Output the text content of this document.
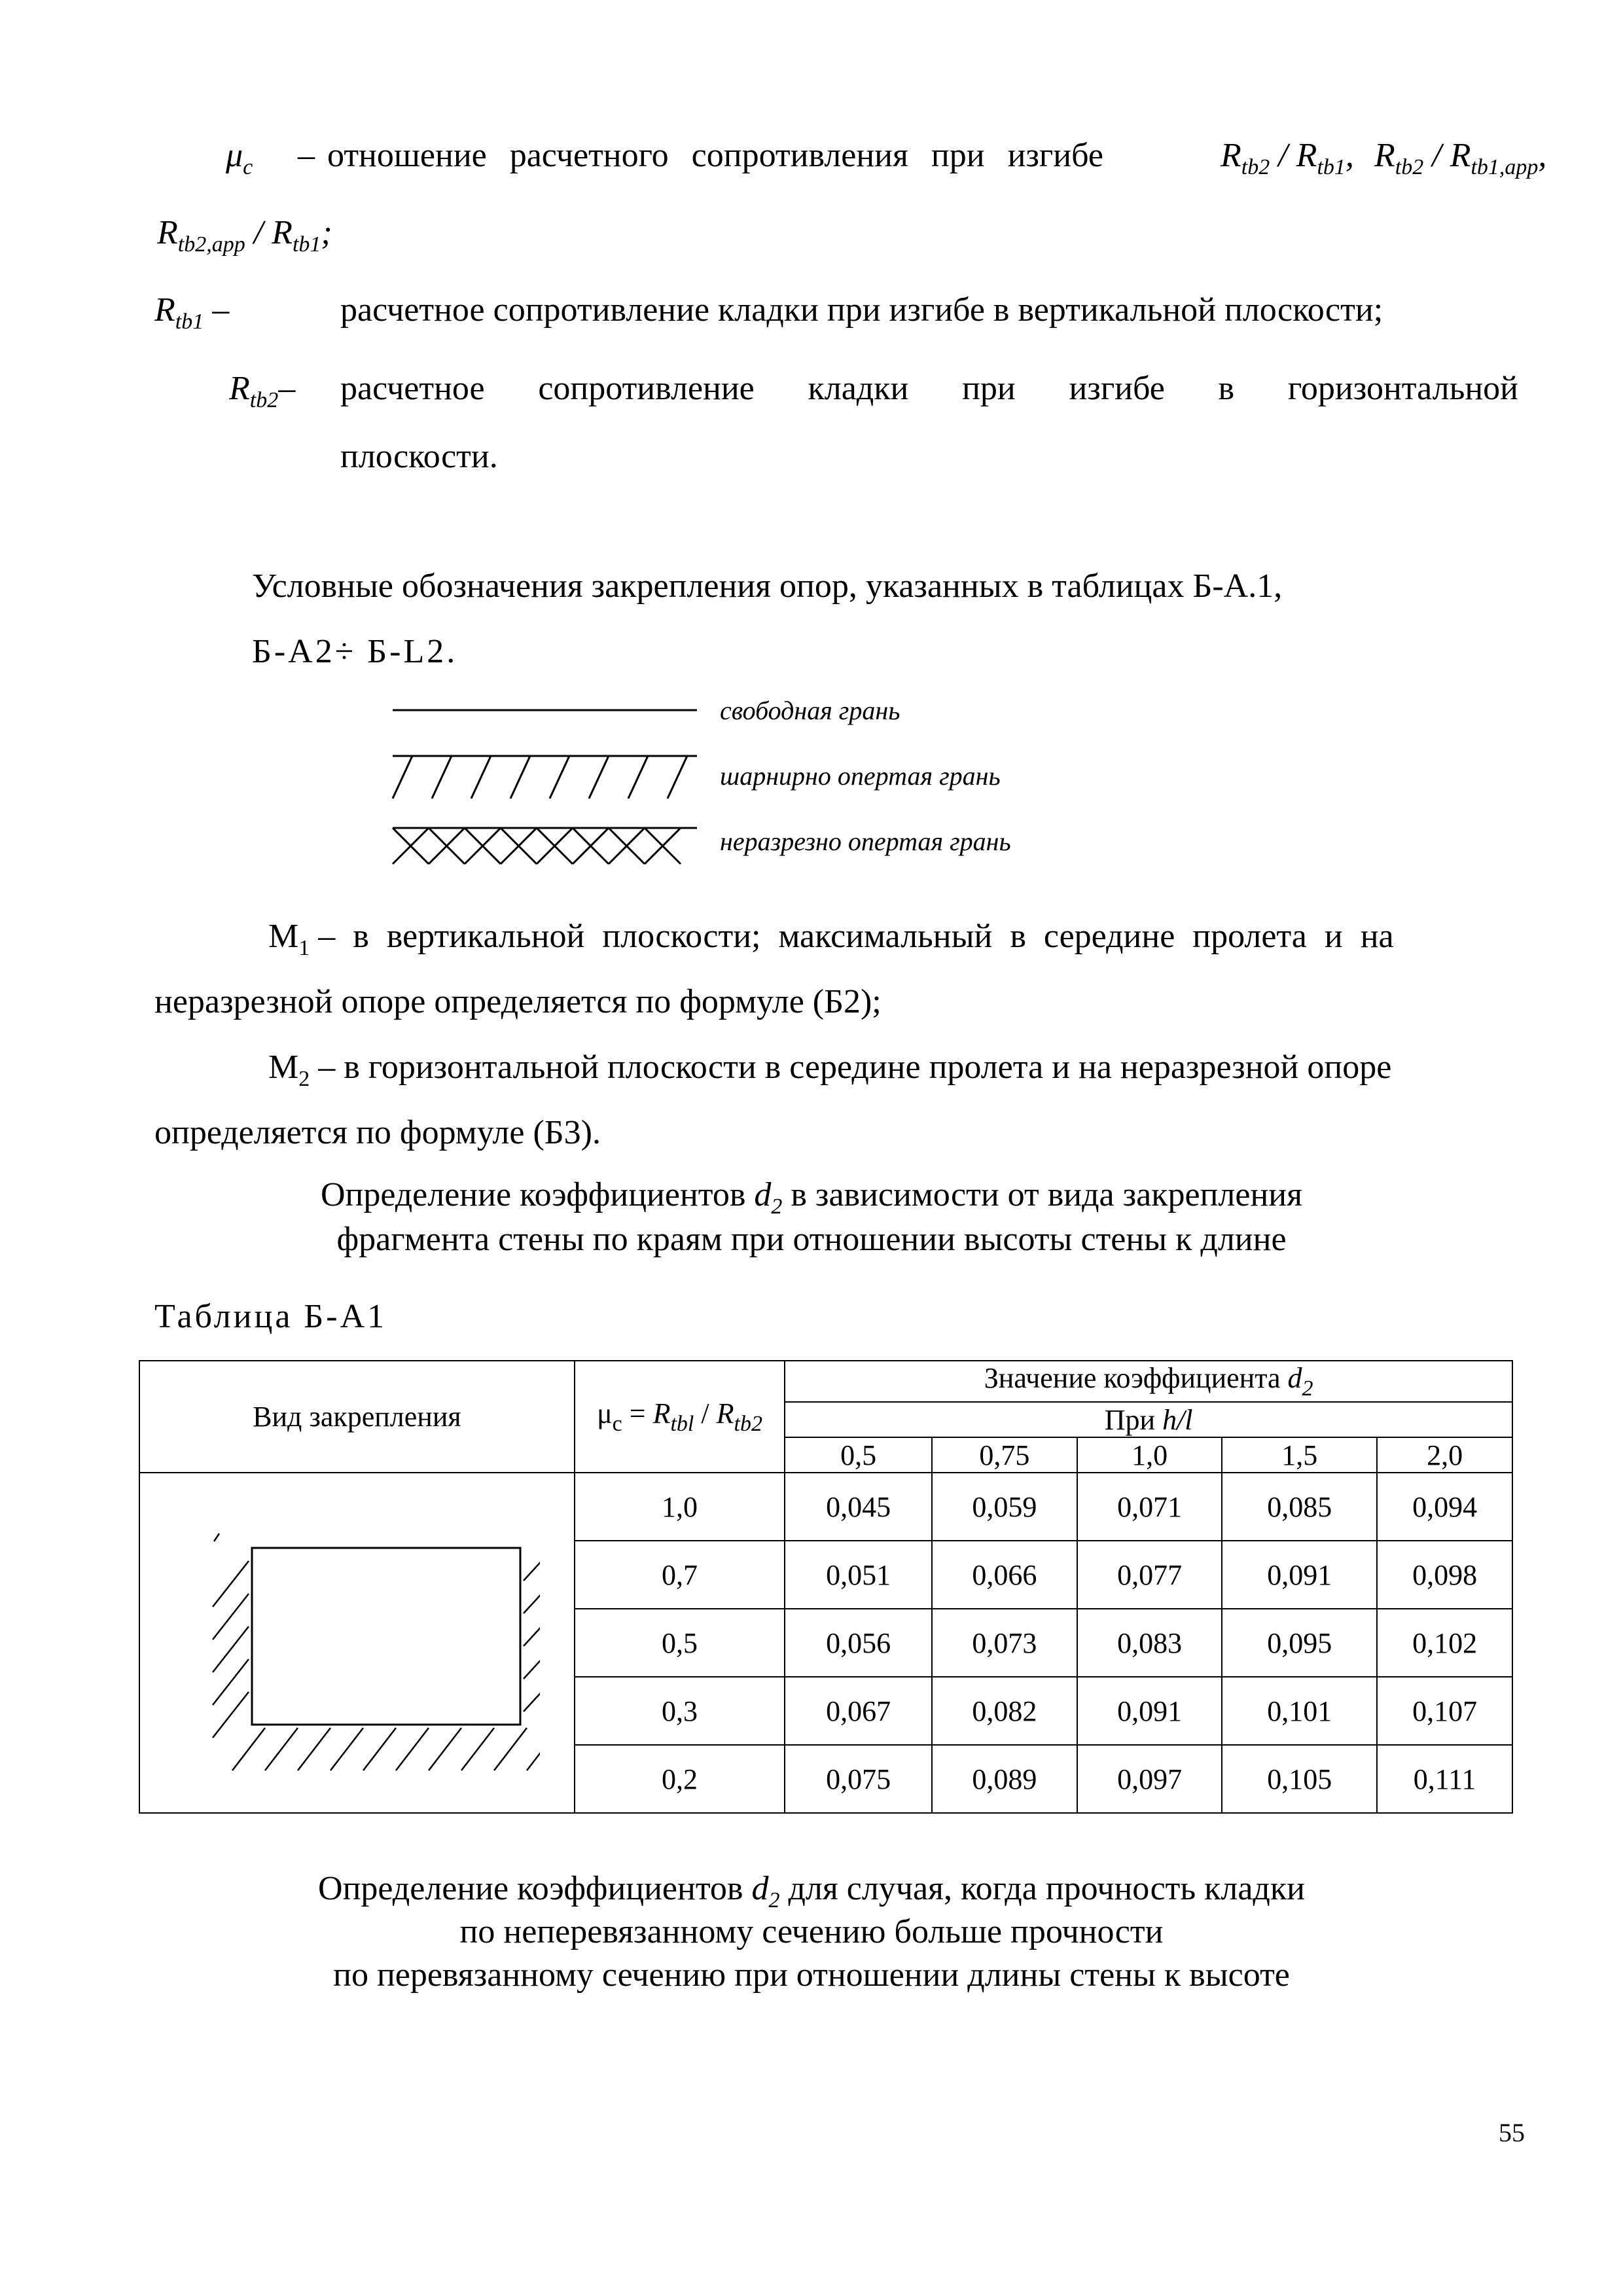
$\mu_c$ – отношение расчетного сопротивления при изгибе	$R_{tb2} / R_{tb1}$, $R_{tb2} / R_{tb1,app}$,
$R_{tb2,app} / R_{tb1}$;
$R_{tb1}$ –	расчетное сопротивление кладки при изгибе в вертикальной плоскости;
$R_{tb2}-$ расчетное сопротивление кладки при изгибе в горизонтальной
плоскости.
Условные обозначения закрепления опор, указанных в таблицах Б-А.1,
Б-А2÷ Б-L2.
свободная грань
шарнирно опертая грань
неразрезно опертая грань
$М_1$ – в вертикальной плоскости; максимальный в середине пролета и на
неразрезной опоре определяется по формуле (Б2);
$М_2$ – в горизонтальной плоскости в середине пролета и на неразрезной опоре
определяется по формуле (Б3).
Определение коэффициентов $d_2$ в зависимости от вида закрепления
фрагмента стены по краям при отношении высоты стены к длине
Таблица Б-А1
Вид закрепления	$\mu_c = R_{tbl} / R_{tb2}$	Значение коэффициента $d_2$
		При h/l				
		0,5	0,75	1,0	1,5	2,0
	1,0	0,045	0,059	0,071	0,085	0,094
	0,7	0,051	0,066	0,077	0,091	0,098
	0,5	0,056	0,073	0,083	0,095	0,102
	0,3	0,067	0,082	0,091	0,101	0,107
	0,2	0,075	0,089	0,097	0,105	0,111
Определение коэффициентов $d_2$ для случая, когда прочность кладки
по неперевязанному сечению больше прочности
по перевязанному сечению при отношении длины стены к высоте
55
